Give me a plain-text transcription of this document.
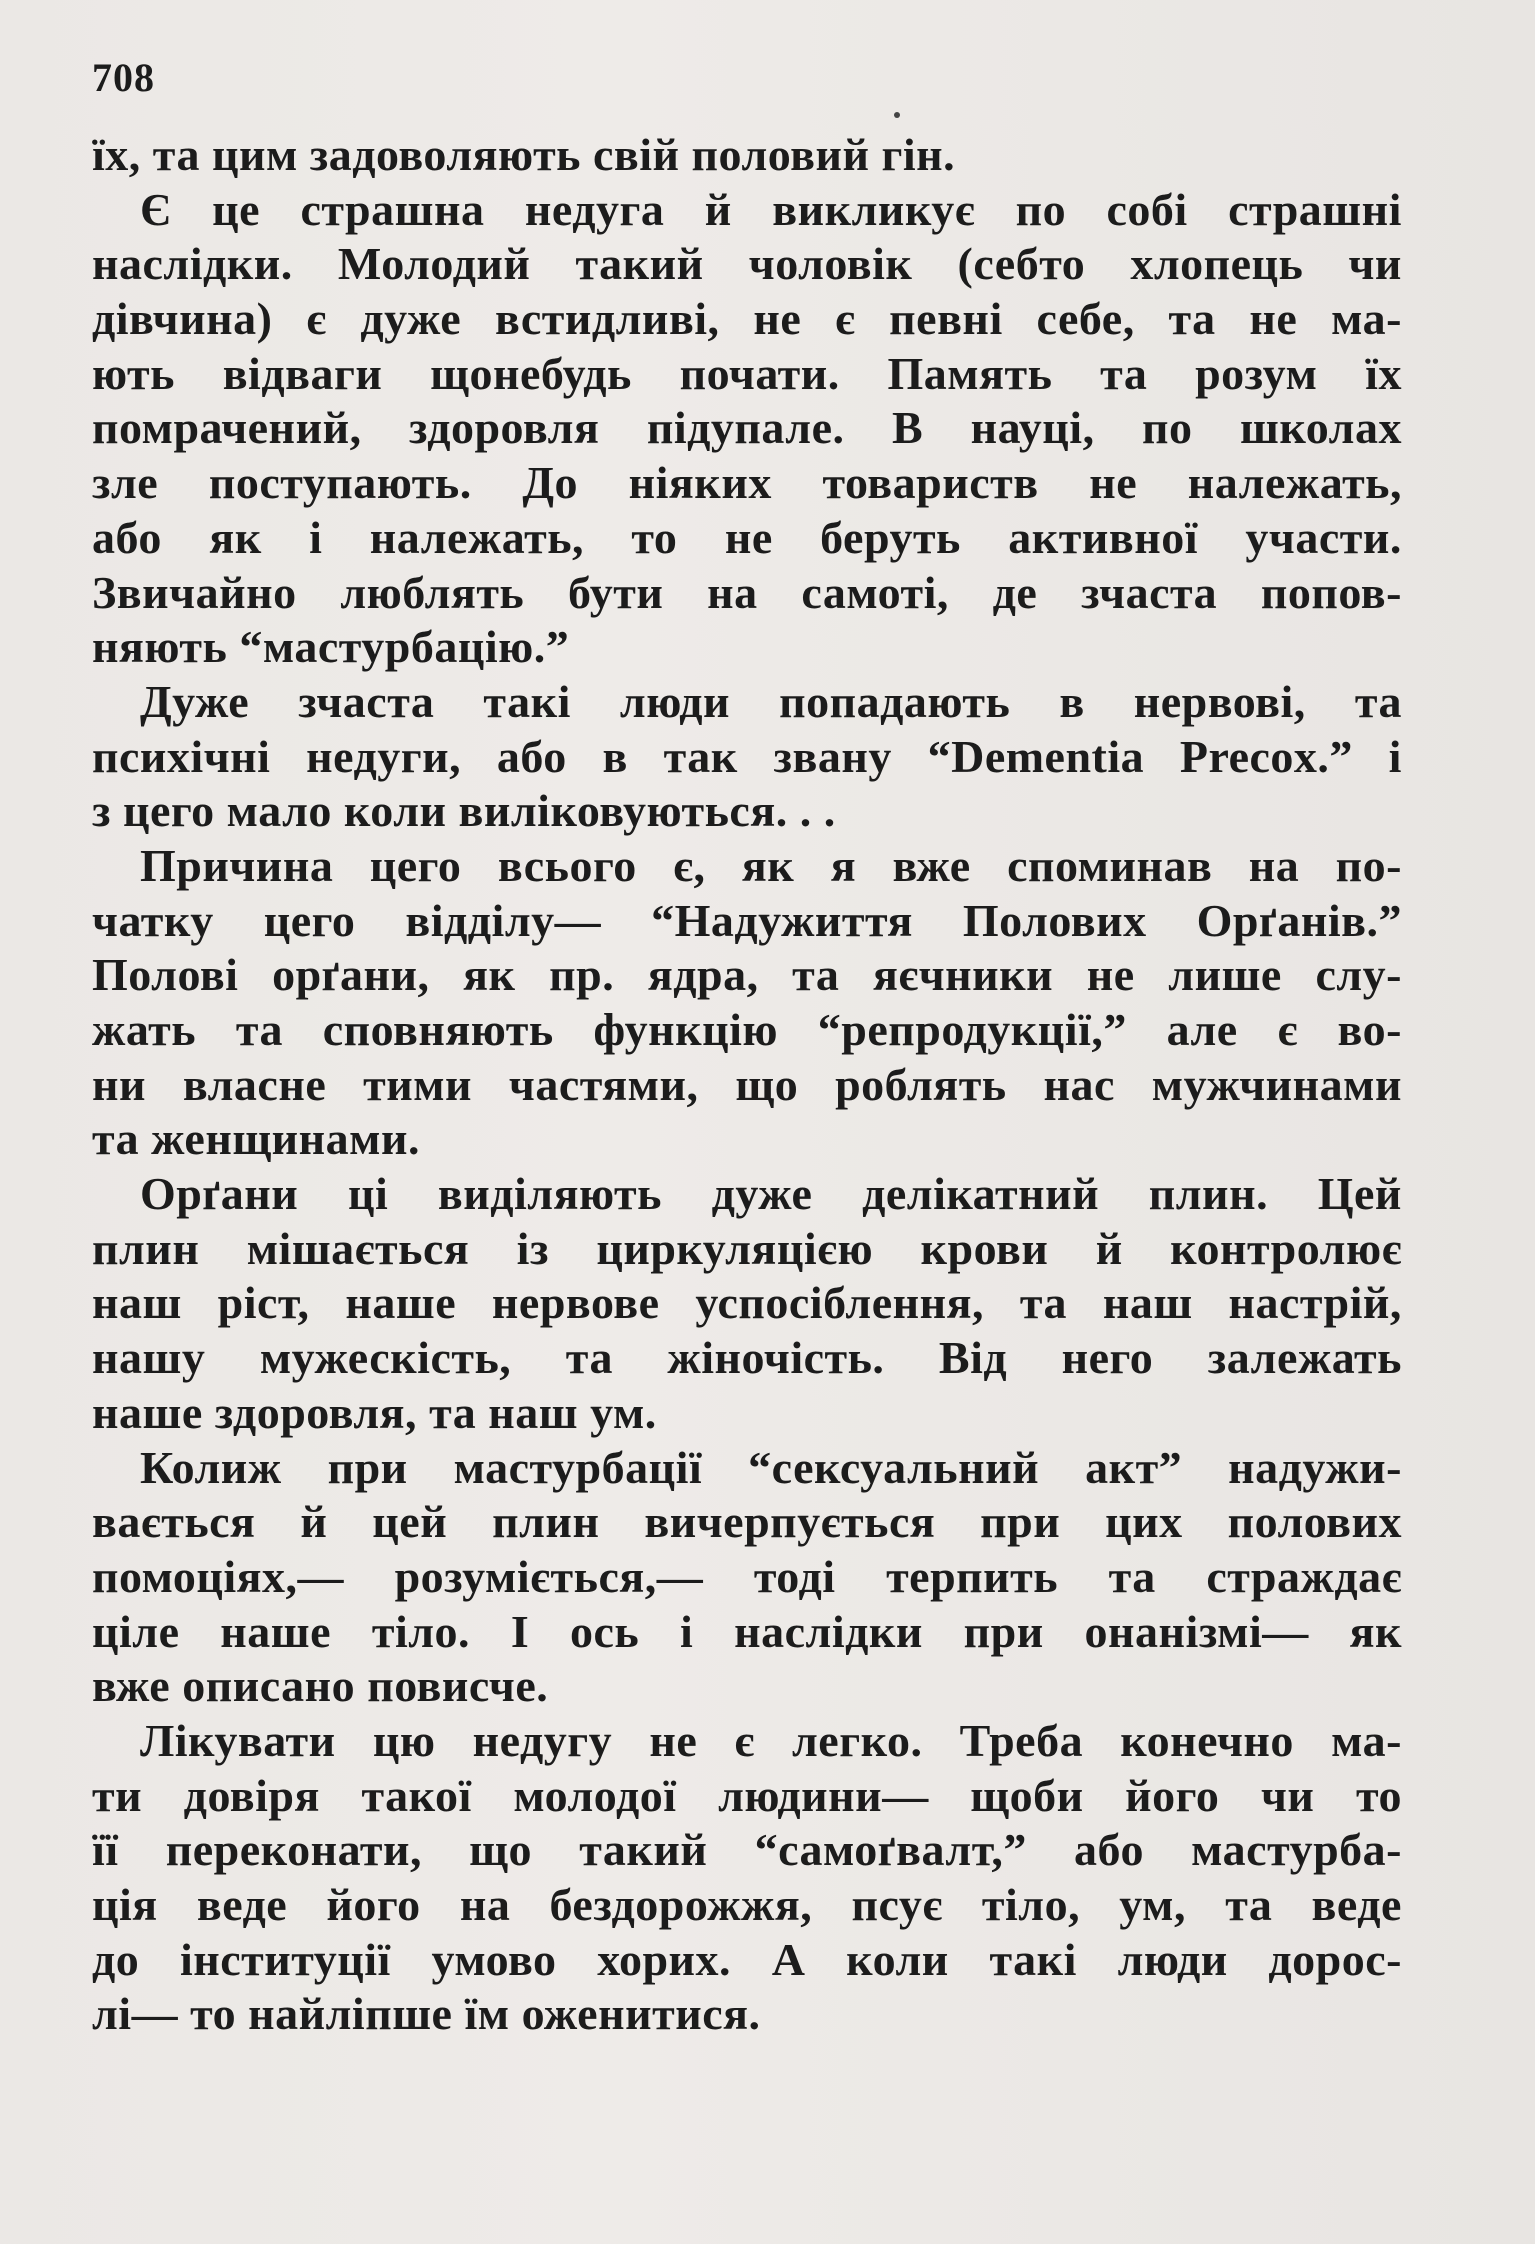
708
їх, та цим задоволяють свій половий гін.
Є це страшна недуга й викликує по собі страшні
наслідки. Молодий такий чоловік (себто хлопець чи
дівчина) є дуже встидливі, не є певні себе, та не ма-
ють відваги щонебудь почати. Память та розум їх
помрачений, здоровля підупале. В науці, по школах
зле поступають. До ніяких товариств не належать,
або як і належать, то не беруть активної участи.
Звичайно люблять бути на самоті, де зчаста попов-
няють “мастурбацію.”
Дуже зчаста такі люди попадають в нервові, та
психічні недуги, або в так звану “Dementia Precox.” і
з цего мало коли виліковуються. . .
Причина цего всього є, як я вже споминав на по-
чатку цего відділу— “Надужиття Полових Орґанів.”
Полові орґани, як пр. ядра, та яєчники не лише слу-
жать та сповняють функцію “репродукції,” але є во-
ни власне тими частями, що роблять нас мужчинами
та женщинами.
Орґани ці виділяють дуже делікатний плин. Цей
плин мішається із циркуляцією крови й контролює
наш ріст, наше нервове успосіблення, та наш настрій,
нашу мужескість, та жіночість. Від него залежать
наше здоровля, та наш ум.
Колиж при мастурбації “сексуальний акт” надужи-
вається й цей плин вичерпується при цих полових
помоціях,— розуміється,— тоді терпить та страждає
ціле наше тіло. І ось і наслідки при онанізмі— як
вже описано повисче.
Лікувати цю недугу не є легко. Треба конечно ма-
ти довіря такої молодої людини— щоби його чи то
її переконати, що такий “самоґвалт,” або мастурба-
ція веде його на бездорожжя, псує тіло, ум, та веде
до інституції умово хорих. А коли такі люди дорос-
лі— то найліпше їм оженитися.
